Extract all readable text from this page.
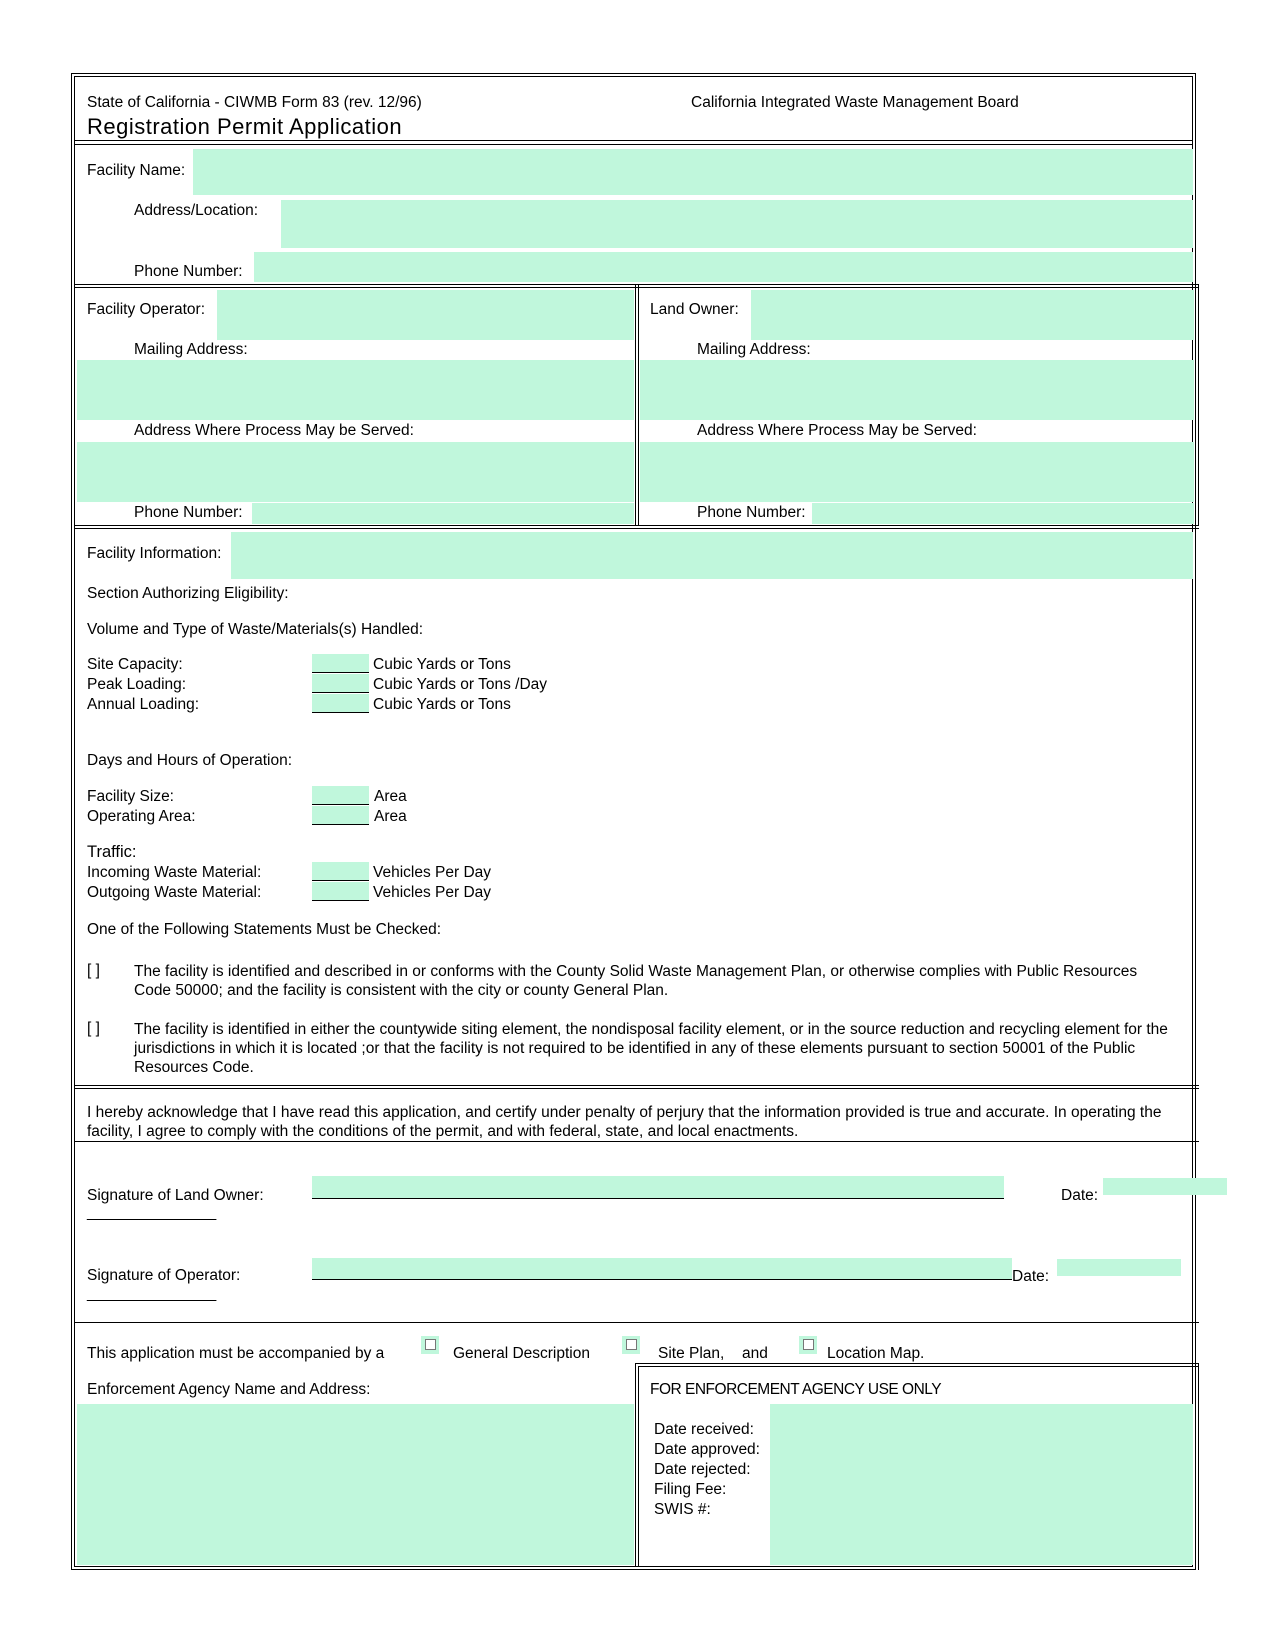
State of California - CIWMB Form 83 (rev. 12/96)	California Integrated Waste Management Board
Registration Permit Application
Facility Name:
Address/Location:
Phone Number:
Facility Operator:
Mailing Address:
Address Where Process May be Served:
Phone Number:
Land Owner:
Mailing Address:
Address Where Process May be Served:
Phone Number:
Facility Information:
Section Authorizing Eligibility:
Volume and Type of Waste/Materials(s) Handled:
Site Capacity:	Cubic Yards or Tons
Peak Loading:	Cubic Yards or Tons /Day
Annual Loading:	Cubic Yards or Tons
Days and Hours of Operation:
Facility Size:	Area
Operating Area:	Area
Traffic:
Incoming Waste Material:	Vehicles Per Day
Outgoing Waste Material:	Vehicles Per Day
One of the Following Statements Must be Checked:
[ ] The facility is identified and described in or conforms with the County Solid Waste Management Plan, or otherwise complies with Public Resources Code 50000; and the facility is consistent with the city or county General Plan.
[ ] The facility is identified in either the countywide siting element, the nondisposal facility element, or in the source reduction and recycling element for the jurisdictions in which it is located ;or that the facility is not required to be identified in any of these elements pursuant to section 50001 of the Public Resources Code.
I hereby acknowledge that I have read this application, and certify under penalty of perjury that the information provided is true and accurate. In operating the facility, I agree to comply with the conditions of the permit, and with federal, state, and local enactments.
Signature of Land Owner:	Date:
_______________
Signature of Operator:	Date:
_______________
This application must be accompanied by a	General Description	Site Plan, and	Location Map.
Enforcement Agency Name and Address:	FOR ENFORCEMENT AGENCY USE ONLY
Date received:
Date approved:
Date rejected:
Filing Fee:
SWIS #:
